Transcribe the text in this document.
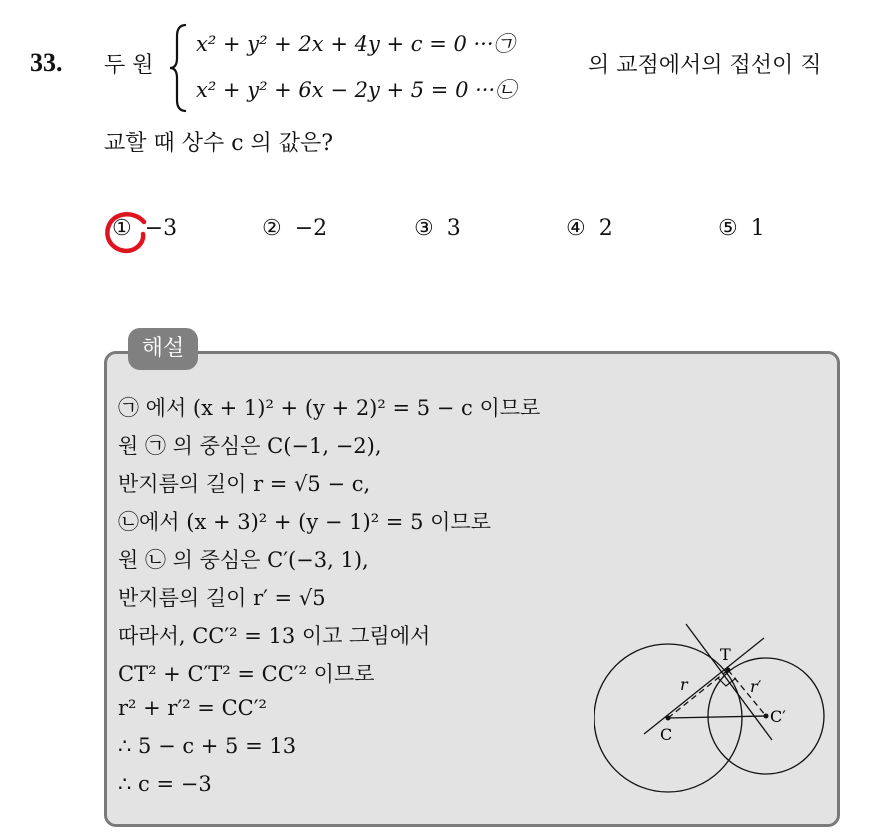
33. 두 원
x² + y² + 2x + 4y + c = 0 ···㉠
x² + y² + 6x − 2y + 5 = 0 ···㉡
의 교점에서의 접선이 직
교할 때 상수 c 의 값은?
① −3	② −2	③ 3	④ 2	⑤ 1
해설
㉠ 에서 (x + 1)² + (y + 2)² = 5 − c 이므로
원 ㉠ 의 중심은 C(−1, −2),
반지름의 길이 r = √5 − c,
㉡에서 (x + 3)² + (y − 1)² = 5 이므로
원 ㉡ 의 중심은 C′(−3, 1),
반지름의 길이 r′ = √5
따라서, CC′² = 13 이고 그림에서
CT² + C′T² = CC′² 이므로
r² + r′² = CC′²
∴ 5 − c + 5 = 13
∴ c = −3
T
C
C′
r	r′
